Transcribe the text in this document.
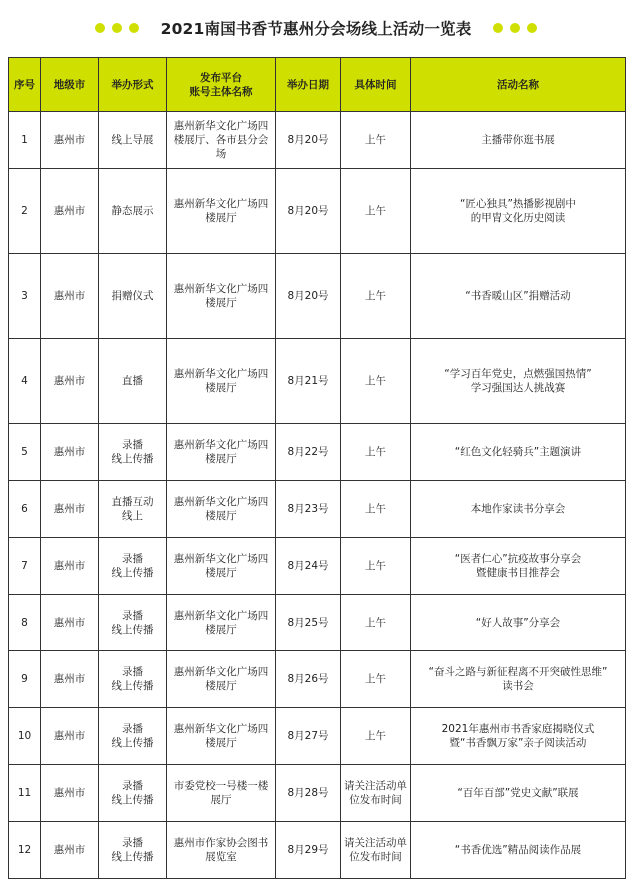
2021南国书香节惠州分会场线上活动一览表
序号	地级市	举办形式	发布平台
账号主体名称	举办日期	具体时间	活动名称
1	惠州市	线上导展	惠州新华文化广场四楼展厅、各市县分会场	8月20号	上午	主播带你逛书展
2	惠州市	静态展示	惠州新华文化广场四楼展厅	8月20号	上午	“匠心独具”热播影视剧中
的甲胄文化历史阅读
3	惠州市	捐赠仪式	惠州新华文化广场四楼展厅	8月20号	上午	“书香暖山区”捐赠活动
4	惠州市	直播	惠州新华文化广场四楼展厅	8月21号	上午	“学习百年党史，点燃强国热情”
学习强国达人挑战赛
5	惠州市	录播
线上传播	惠州新华文化广场四楼展厅	8月22号	上午	“红色文化轻骑兵”主题演讲
6	惠州市	直播互动
线上	惠州新华文化广场四楼展厅	8月23号	上午	本地作家读书分享会
7	惠州市	录播
线上传播	惠州新华文化广场四楼展厅	8月24号	上午	“医者仁心”抗疫故事分享会
暨健康书目推荐会
8	惠州市	录播
线上传播	惠州新华文化广场四楼展厅	8月25号	上午	“好人故事”分享会
9	惠州市	录播
线上传播	惠州新华文化广场四楼展厅	8月26号	上午	“奋斗之路与新征程离不开突破性思维”
读书会
10	惠州市	录播
线上传播	惠州新华文化广场四楼展厅	8月27号	上午	2021年惠州市书香家庭揭晓仪式
暨“书香飘万家”亲子阅读活动
11	惠州市	录播
线上传播	市委党校一号楼一楼展厅	8月28号	请关注活动单位发布时间	“百年百部”党史文献”联展
12	惠州市	录播
线上传播	惠州市作家协会图书展览室	8月29号	请关注活动单位发布时间	“书香优选”精品阅读作品展
